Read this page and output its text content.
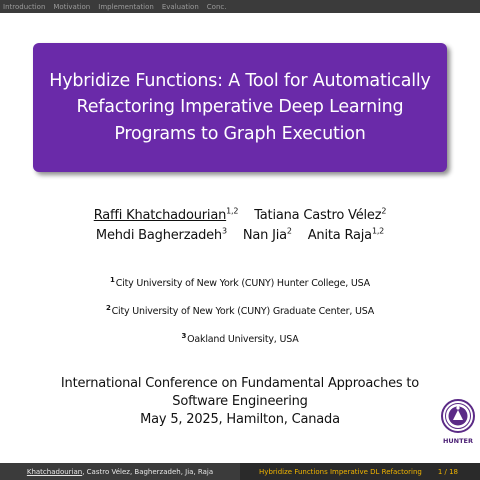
Introduction Motivation Implementation Evaluation Conc.
Hybridize Functions: A Tool for Automatically Refactoring Imperative Deep Learning Programs to Graph Execution
Raffi Khatchadourian$^{1,2}$ Tatiana Castro Vélez$^2$ Mehdi Bagherzadeh$^3$ Nan Jia$^2$ Anita Raja$^{1,2}$
$^1$City University of New York (CUNY) Hunter College, USA
$^2$City University of New York (CUNY) Graduate Center, USA
$^3$Oakland University, USA
International Conference on Fundamental Approaches to Software Engineering
May 5, 2025, Hamilton, Canada
HUNTER
Khatchadourian , Castro Vélez, Bagherzadeh, Jia, Raja	Hybridize Functions Imperative DL Refactoring 1 / 18
